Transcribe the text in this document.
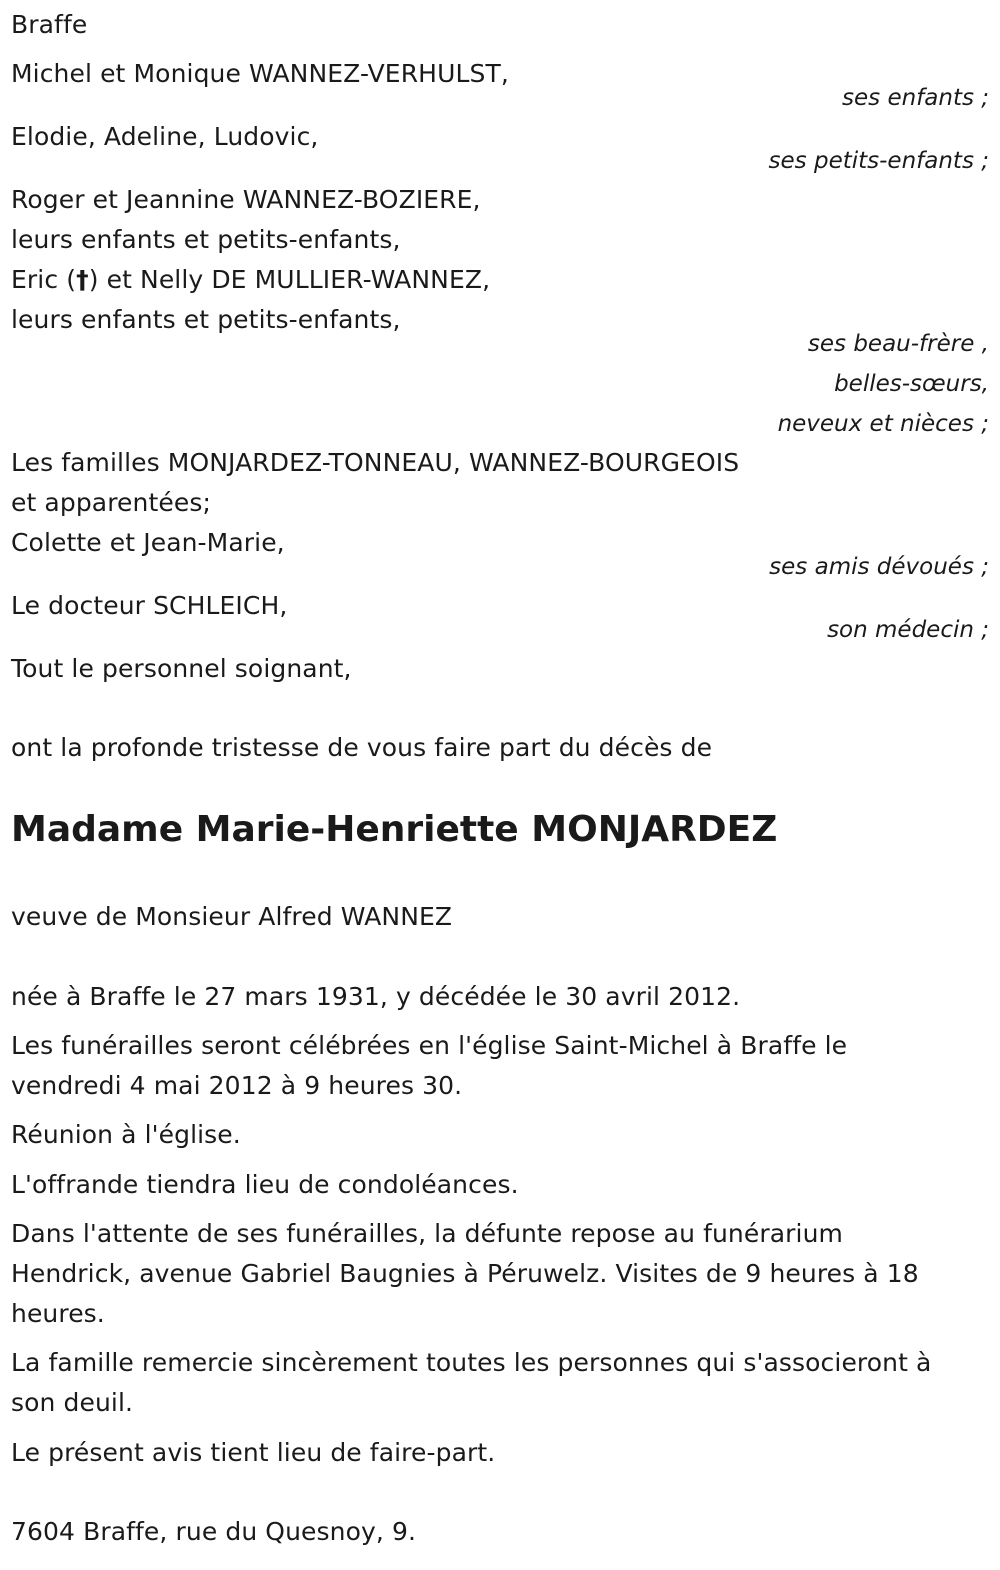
Braffe
Michel et Monique WANNEZ-VERHULST,
ses enfants ;
Elodie, Adeline, Ludovic,
ses petits-enfants ;
Roger et Jeannine WANNEZ-BOZIERE,
leurs enfants et petits-enfants,
Eric (†) et Nelly DE MULLIER-WANNEZ,
leurs enfants et petits-enfants,
ses beau-frère ,
belles-sœurs,
neveux et nièces ;
Les familles MONJARDEZ-TONNEAU, WANNEZ-BOURGEOIS
et apparentées;
Colette et Jean-Marie,
ses amis dévoués ;
Le docteur SCHLEICH,
son médecin ;
Tout le personnel soignant,
ont la profonde tristesse de vous faire part du décès de
Madame Marie-Henriette MONJARDEZ
veuve de Monsieur Alfred WANNEZ
née à Braffe le 27 mars 1931, y décédée le 30 avril 2012.
Les funérailles seront célébrées en l'église Saint-Michel à Braffe le
vendredi 4 mai 2012 à 9 heures 30.
Réunion à l'église.
L'offrande tiendra lieu de condoléances.
Dans l'attente de ses funérailles, la défunte repose au funérarium
Hendrick, avenue Gabriel Baugnies à Péruwelz. Visites de 9 heures à 18
heures.
La famille remercie sincèrement toutes les personnes qui s'associeront à
son deuil.
Le présent avis tient lieu de faire-part.
7604 Braffe, rue du Quesnoy, 9.
